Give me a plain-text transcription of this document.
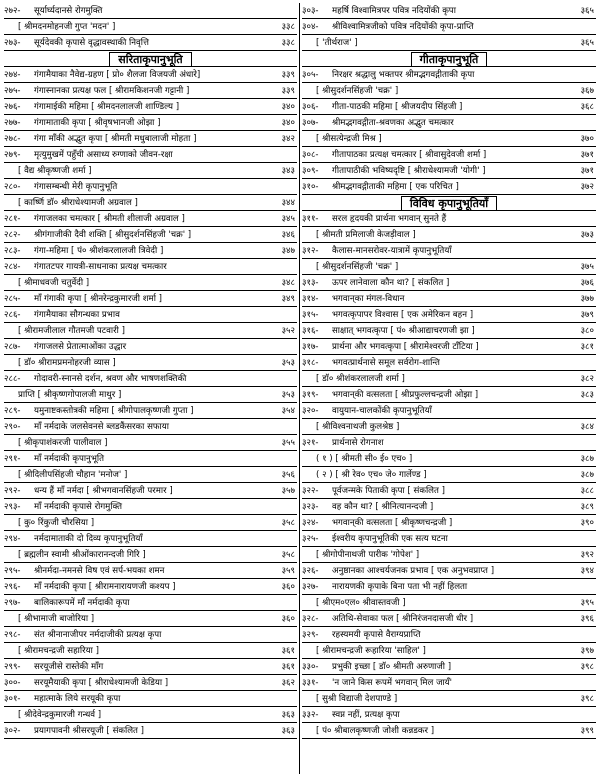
२७२- सूर्यार्घ्यदानसे रोगमुक्ति
[ श्रीमदनमोहनजी गुप्त 'मदन' ]	३३८
२७३- सूर्यदेवकी कृपासे वृद्धावस्थाकी निवृत्ति	३३८
सरिताकृपानुभूति
२७४- गंगामैयाका नैवेद्य-ग्रहण [ प्रो० शैलजा विजयजी अंधारे]	३३९
२७५- गंगास्नानका प्रत्यक्ष फल [ श्रीरामकिशनजी गट्टानी ]	३३९
२७६- गंगामाईकी महिमा [ श्रीमदनलालजी शाण्डिल्य ]	३४०
२७७- गंगामाताकी कृपा [ श्रीवृषभानजी ओझा ]	३४०
२७८- गंगा माँकी अद्भुत कृपा [ श्रीमती मधुबालाजी मोहता ]	३४२
२७९- मृत्युमुखमें पहुँची असाध्य रुग्णाको जीवन-रक्षा
[ वैद्य श्रीकृष्णजी शर्मा ]	३४३
२८०- गंगासम्बन्धी मेरी कृपानुभूति
[ कार्ष्णि डॉ० श्रीराधेश्यामजी अग्रवाल ]	३४४
२८१- गंगाजलका चमत्कार [ श्रीमती शीलाजी अग्रवाल ]	३४५
२८२- श्रीगंगाजीकी दैवी शक्ति [ श्रीसुदर्शनसिंहजी 'चक्र' ]	३४६
२८३- गंगा-महिमा [ पं० श्रीशंकरलालजी त्रिवेदी ]	३४७
२८४- गंगातटपर गायत्री-साधनाका प्रत्यक्ष चमत्कार
[ श्रीमाधवजी चतुर्वेदी ]	३४८
२८५- माँ गंगाकी कृपा [ श्रीनरेन्द्रकुमारजी शर्मा ]	३४९
२८६- गंगामैयाका सौगन्धका प्रभाव
[ श्रीरामजीलाल गौतमजी पटवारी ]	३५२
२८७- गंगाजलसे प्रेतात्माओंका उद्धार
[ डॉ० श्रीरामप्रमनोहरजी व्यास ]	३५३
२८८- गोदावरी-स्नानसे दर्शन, श्रवण और भाषणशक्तिकी
प्राप्ति [ श्रीकृष्णगोपालजी माथुर ]	३५३
२८९- यमुनाष्टकस्तोत्रकी महिमा [ श्रीगोपालकृष्णजी गुप्ता ]	३५४
२९०- माँ नर्मदाके जलसेवनसे ब्लडकैंसरका सफाया
[ श्रीकृपाशंकरजी पालीवाल ]	३५५
२९१- माँ नर्मदाकी कृपानुभूति
[ श्रीदिलीपसिंहजी चौहान 'मनोज' ]	३५६
२९२- धन्य हैं माँ नर्मदा [ श्रीभगवानसिंहजी परमार ]	३५७
२९३- माँ नर्मदाकी कृपासे रोगमुक्ति
[ कु० रिंकुजी चौरसिया ]	३५८
२९४- नर्मदामाताकी दो दिव्य कृपानुभूतियाँ
[ ब्रह्मलीन स्वामी श्रीओंकारानन्दजी गिरि ]	३५८
२९५- श्रीनर्मदा-नमनसे विष एवं सर्प-भयका शमन	३५९
२९६- माँ नर्मदाकी कृपा [ श्रीरामनारायणजी कश्यप ]	३६०
२९७- बालिकारूपमें माँ नर्मदाकी कृपा
[ श्रीभामाजी बाजोरिया ]	३६०
२९८- संत श्रीनानाजीपर नर्मदाजीकी प्रत्यक्ष कृपा
[ श्रीरामचन्द्रजी सहारिया ]	३६१
२९९- सरयूजीसे रास्तेकी माँग	३६१
३००- सरयूमैयाकी कृपा [ श्रीराधेश्यामजी केडिया ]	३६२
३०१- महात्माके लिये सरयूकी कृपा
[ श्रीदेवेन्द्रकुमारजी गन्धर्व ]	३६३
३०२- प्रयागपावनी श्रीसरयूजी [ संकलित ]	३६३
३०३- महर्षि विश्वामित्रपर पवित्र नदियोंकी कृपा	३६५
३०४- श्रीविश्वामित्रजीको पवित्र नदियोंकी कृपा-प्राप्ति
[ 'तीर्थराज' ]	३६५
गीताकृपानुभूति
३०५- निरक्षर श्रद्धालु भक्तपर श्रीमद्भगवद्गीताकी कृपा
[ श्रीसुदर्शनसिंहजी 'चक्र' ]	३६७
३०६- गीता-पाठकी महिमा [ श्रीजयदीप सिंहजी ]	३६८
३०७- श्रीमद्भगवद्गीता-श्रवणका अद्भुत चमत्कार
[ श्रीसत्येन्द्रजी मिश्र ]	३७०
३०८- गीतापाठका प्रत्यक्ष चमत्कार [ श्रीवासुदेवजी शर्मा ]	३७१
३०९- गीतापाठीकी भविष्यदृष्टि [ श्रीराधेश्यामजी 'योगी' ]	३७१
३१०- श्रीमद्भगवद्गीताकी महिमा [ एक परिचित ]	३७२
विविध कृपानुभूतियाँ
३११- सरल हृदयकी प्रार्थना भगवान् सुनते हैं
[ श्रीमती प्रमिलाजी केजड़ीवाल ]	३७३
३१२- कैलास-मानसरोवर-यात्रामें कृपानुभूतियाँ
[ श्रीसुदर्शनसिंहजी 'चक्र' ]	३७५
३१३- ऊपर लानेवाला कौन था? [ संकलित ]	३७६
३१४- भगवान्‌का मंगल-विधान	३७७
३१५- भगवत्कृपापर विश्वास [ एक अमेरिकन बहन ]	३७९
३१६- साक्षात् भगवत्कृपा [ पं० श्रीआद्याचरणजी झा ]	३८०
३१७- प्रार्थना और भगवत्कृपा [ श्रीरामेश्वरजी टाँटिया ]	३८१
३१८- भगवत्प्रार्थनासे समूल सर्वरोग-शान्ति
[ डॉ० श्रीशंकरलालजी शर्मा ]	३८२
३१९- भगवान्‌की वत्सलता [ श्रीप्रफुल्लचन्द्रजी ओझा ]	३८३
३२०- वायुयान-चालकोंकी कृपानुभूतियाँ
[ श्रीविश्वनाथजी कुलश्रेष्ठ ]	३८४
३२१- प्रार्थनासे रोगनाश
( १ ) [ श्रीमती सी० ई० एच० ]	३८७
( २ ) [ श्री रेव० एच० जे० गार्लेण्ड ]	३८७
३२२- पूर्वजन्मके पिताकी कृपा [ संकलित ]	३८८
३२३- वह कौन था? [ श्रीनित्यानन्दजी ]	३८९
३२४- भगवान्‌की वत्सलता [ श्रीकृष्णचन्द्रजी ]	३९०
३२५- ईश्वरीय कृपानुभूतिकी एक सत्य घटना
[ श्रीगोपीनाथजी पारीक 'गोपेश' ]	३९२
३२६- अनुष्ठानका आश्चर्यजनक प्रभाव [ एक अनुभवप्राप्त ]	३९४
३२७- नारायणकी कृपाके बिना पता भी नहीं हिलता
[ श्रीएम०एल० श्रीवास्तवजी ]	३९५
३२८- अतिथि-सेवाका फल [ श्रीनिरंजनदासजी धीर ]	३९६
३२९- रहस्यमयी कृपासे वैराग्यप्राप्ति
[ श्रीरामचन्द्रजी रूहारिया 'साहिल' ]	३९७
३३०- प्रभुकी इच्छा [ डॉ० श्रीमती अरुणाजी ]	३९८
३३१- 'न जाने किस रूपमें भगवान् मिल जायँ'
[ सुश्री विद्याजी देशपाण्डे ]	३९८
३३२- स्वप्न नहीं, प्रत्यक्ष कृपा
[ पं० श्रीबालकृष्णजी जोशी कन्नडकर ]	३९९
